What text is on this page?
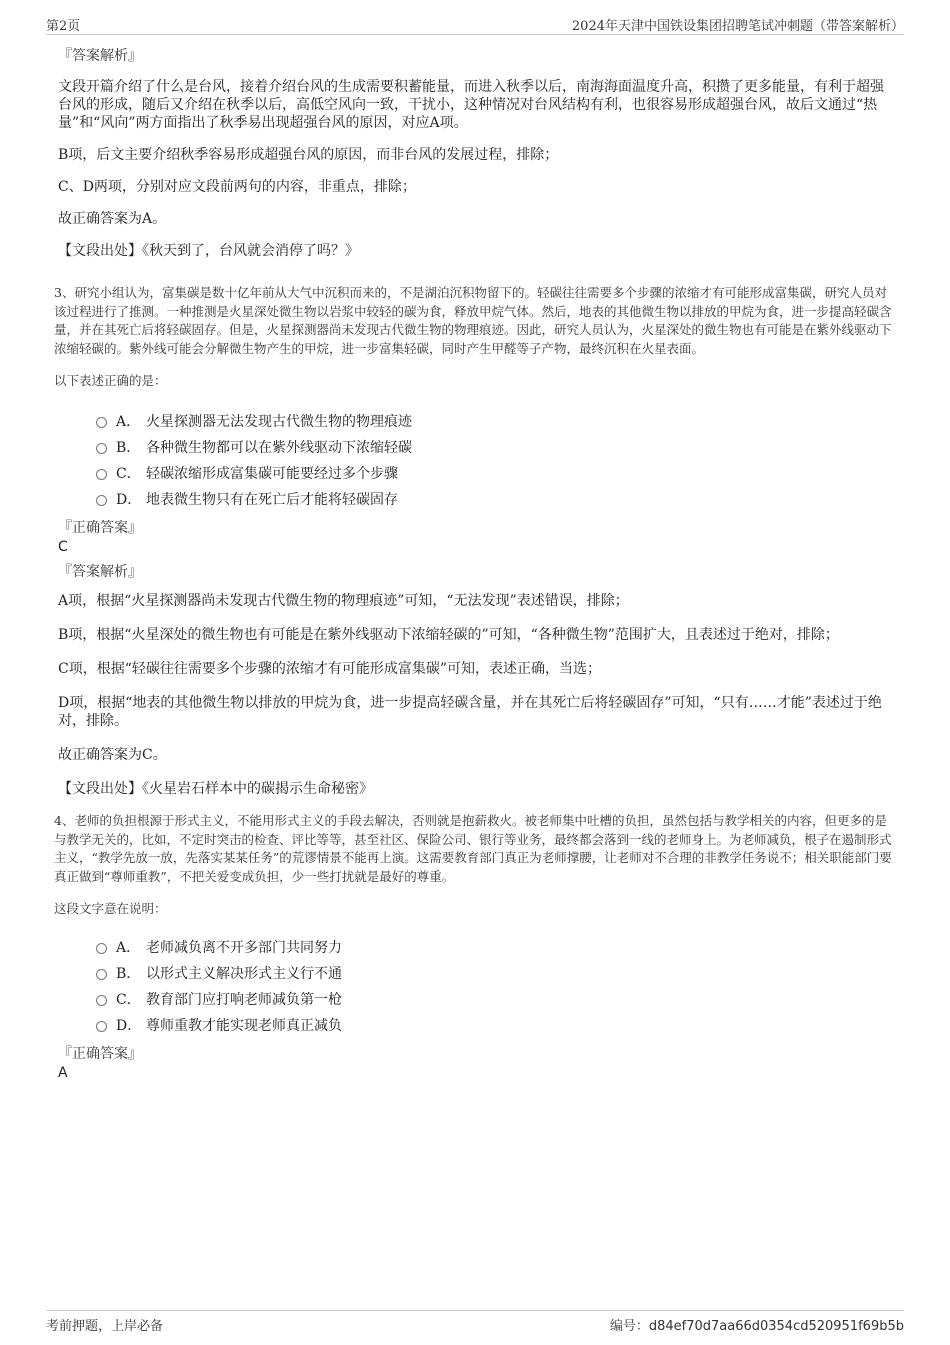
第2页	2024年天津中国铁设集团招聘笔试冲刺题（带答案解析）
『答案解析』

文段开篇介绍了什么是台风，接着介绍台风的生成需要积蓄能量，而进入秋季以后，南海海面温度升高，积攒了更多能量，有利于超强台风的形成，随后又介绍在秋季以后，高低空风向一致，干扰小，这种情况对台风结构有利，也很容易形成超强台风，故后文通过“热量”和“风向”两方面指出了秋季易出现超强台风的原因，对应A项。

B项，后文主要介绍秋季容易形成超强台风的原因，而非台风的发展过程，排除；

C、D两项，分别对应文段前两句的内容，非重点，排除；

故正确答案为A。

【文段出处】《秋天到了，台风就会消停了吗？》

3、研究小组认为，富集碳是数十亿年前从大气中沉积而来的，不是湖泊沉积物留下的。轻碳往往需要多个步骤的浓缩才有可能形成富集碳，研究人员对该过程进行了推测。一种推测是火星深处微生物以岩浆中较轻的碳为食，释放甲烷气体。然后，地表的其他微生物以排放的甲烷为食，进一步提高轻碳含量，并在其死亡后将轻碳固存。但是，火星探测器尚未发现古代微生物的物理痕迹。因此，研究人员认为，火星深处的微生物也有可能是在紫外线驱动下浓缩轻碳的。紫外线可能会分解微生物产生的甲烷，进一步富集轻碳，同时产生甲醛等子产物，最终沉积在火星表面。

以下表述正确的是：

A． 火星探测器无法发现古代微生物的物理痕迹
B． 各种微生物都可以在紫外线驱动下浓缩轻碳
C． 轻碳浓缩形成富集碳可能要经过多个步骤
D． 地表微生物只有在死亡后才能将轻碳固存
『正确答案』
C
『答案解析』

A项，根据“火星探测器尚未发现古代微生物的物理痕迹”可知，“无法发现”表述错误，排除；

B项，根据“火星深处的微生物也有可能是在紫外线驱动下浓缩轻碳的”可知，“各种微生物”范围扩大，且表述过于绝对，排除；

C项，根据“轻碳往往需要多个步骤的浓缩才有可能形成富集碳”可知，表述正确，当选；

D项，根据“地表的其他微生物以排放的甲烷为食，进一步提高轻碳含量，并在其死亡后将轻碳固存”可知，“只有……才能”表述过于绝对，排除。

故正确答案为C。

【文段出处】《火星岩石样本中的碳揭示生命秘密》

4、老师的负担根源于形式主义，不能用形式主义的手段去解决，否则就是抱薪救火。被老师集中吐槽的负担，虽然包括与教学相关的内容，但更多的是与教学无关的，比如，不定时突击的检查、评比等等，甚至社区、保险公司、银行等业务，最终都会落到一线的老师身上。为老师减负，根子在遏制形式主义，“教学先放一放，先落实某某任务”的荒谬情景不能再上演。这需要教育部门真正为老师撑腰，让老师对不合理的非教学任务说不；相关职能部门要真正做到“尊师重教”，不把关爱变成负担，少一些打扰就是最好的尊重。

这段文字意在说明：

A． 老师减负离不开多部门共同努力
B． 以形式主义解决形式主义行不通
C． 教育部门应打响老师减负第一枪
D． 尊师重教才能实现老师真正减负
『正确答案』
A
考前押题，上岸必备	编号：d84ef70d7aa66d0354cd520951f69b5b
